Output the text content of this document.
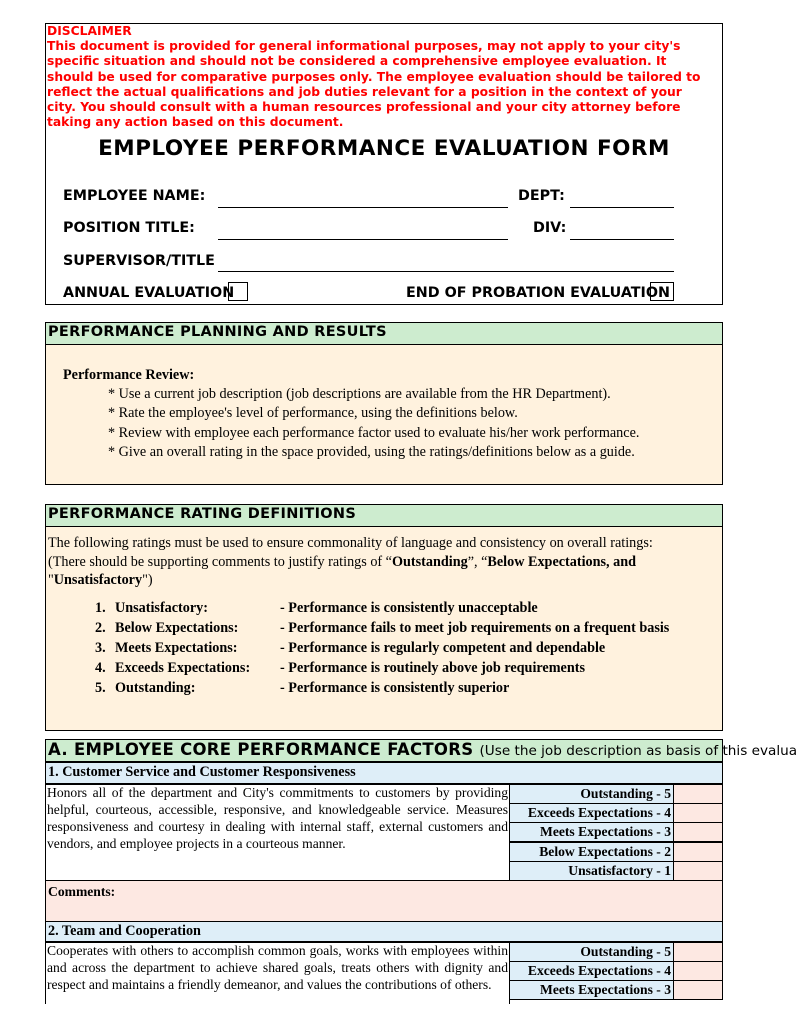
DISCLAIMER
This document is provided for general informational purposes, may not apply to your city's
specific situation and should not be considered a comprehensive employee evaluation. It
should be used for comparative purposes only. The employee evaluation should be tailored to
reflect the actual qualifications and job duties relevant for a position in the context of your
city. You should consult with a human resources professional and your city attorney before
taking any action based on this document.
EMPLOYEE PERFORMANCE EVALUATION FORM
EMPLOYEE NAME:	DEPT:
POSITION TITLE:	DIV:
SUPERVISOR/TITLE
ANNUAL EVALUATION	END OF PROBATION EVALUATION
PERFORMANCE PLANNING AND RESULTS
Performance Review:
* Use a current job description (job descriptions are available from the HR Department).
* Rate the employee's level of performance, using the definitions below.
* Review with employee each performance factor used to evaluate his/her work performance.
* Give an overall rating in the space provided, using the ratings/definitions below as a guide.
PERFORMANCE RATING DEFINITIONS
The following ratings must be used to ensure commonality of language and consistency on overall ratings:
(There should be supporting comments to justify ratings of “Outstanding”, “Below Expectations, and
"Unsatisfactory")
1.	Unsatisfactory:	- Performance is consistently unacceptable
2.	Below Expectations:	- Performance fails to meet job requirements on a frequent basis
3.	Meets Expectations:	- Performance is regularly competent and dependable
4.	Exceeds Expectations:	- Performance is routinely above job requirements
5.	Outstanding:	- Performance is consistently superior
A. EMPLOYEE CORE PERFORMANCE FACTORS (Use the job description as basis of this evalua
1. Customer Service and Customer Responsiveness
Honors all of the department and City's commitments to customers by providing helpful, courteous, accessible, responsive, and knowledgeable service. Measures responsiveness and courtesy in dealing with internal staff, external customers and vendors, and employee projects in a courteous manner.
Outstanding - 5
Exceeds Expectations - 4
Meets Expectations - 3
Below Expectations - 2
Unsatisfactory - 1
Comments:
2. Team and Cooperation
Cooperates with others to accomplish common goals, works with employees within and across the department to achieve shared goals, treats others with dignity and respect and maintains a friendly demeanor, and values the contributions of others.
Outstanding - 5
Exceeds Expectations - 4
Meets Expectations - 3
